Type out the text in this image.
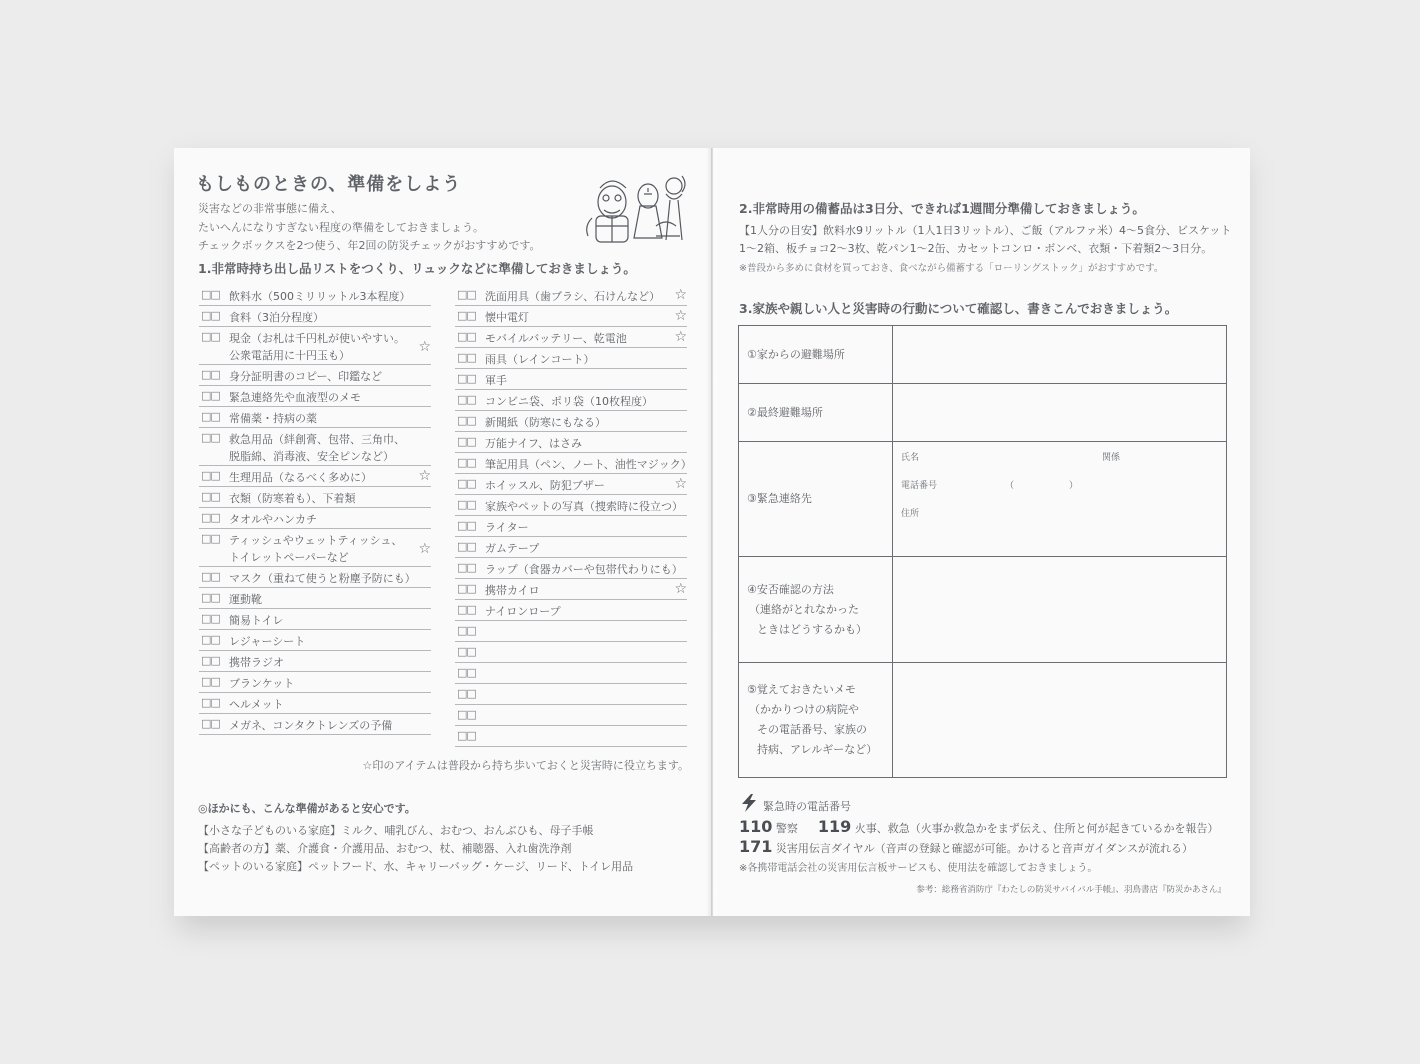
もしものときの、準備をしよう
災害などの非常事態に備え、
たいへんになりすぎない程度の準備をしておきましょう。
チェックボックスを2つ使う、年2回の防災チェックがおすすめです。
1.非常時持ち出し品リストをつくり、リュックなどに準備しておきましょう。
□□ 飲料水（500ミリリットル3本程度）
□□ 食料（3泊分程度）
□□ 現金（お札は千円札が使いやすい。
公衆電話用に十円玉も）
☆
□□ 身分証明書のコピー、印鑑など
□□ 緊急連絡先や血液型のメモ
□□ 常備薬・持病の薬
□□ 救急用品（絆創膏、包帯、三角巾、
脱脂綿、消毒液、安全ピンなど）
□□ 生理用品（なるべく多めに）	☆
□□ 衣類（防寒着も）、下着類
□□ タオルやハンカチ
□□ ティッシュやウェットティッシュ、
トイレットペーパーなど
☆
□□ マスク（重ねて使うと粉塵予防にも）
□□ 運動靴
□□ 簡易トイレ
□□ レジャーシート
□□ 携帯ラジオ
□□ ブランケット
□□ ヘルメット
□□ メガネ、コンタクトレンズの予備
□□ 洗面用具（歯ブラシ、石けんなど） ☆
□□ 懐中電灯	☆
□□ モバイルバッテリー、乾電池	☆
□□ 雨具（レインコート）
□□ 軍手
□□ コンビニ袋、ポリ袋（10枚程度）
□□ 新聞紙（防寒にもなる）
□□ 万能ナイフ、はさみ
□□ 筆記用具（ペン、ノート、油性マジック）
□□ ホイッスル、防犯ブザー	☆
□□ 家族やペットの写真（捜索時に役立つ）
□□ ライター
□□ ガムテープ
□□ ラップ（食器カバーや包帯代わりにも）
□□ 携帯カイロ	☆
□□ ナイロンロープ
□□
□□
□□
□□
□□
□□
☆印のアイテムは普段から持ち歩いておくと災害時に役立ちます。
◎ほかにも、こんな準備があると安心です。
【小さな子どものいる家庭】ミルク、哺乳びん、おむつ、おんぶひも、母子手帳
【高齢者の方】薬、介護食・介護用品、おむつ、杖、補聴器、入れ歯洗浄剤
【ペットのいる家庭】ペットフード、水、キャリーバッグ・ケージ、リード、トイレ用品
2.非常時用の備蓄品は3日分、できれば1週間分準備しておきましょう。
【1人分の目安】飲料水9リットル（1人1日3リットル）、ご飯（アルファ米）4〜5食分、ビスケット
1〜2箱、板チョコ2〜3枚、乾パン1〜2缶、カセットコンロ・ボンベ、衣類・下着類2〜3日分。
※普段から多めに食材を買っておき、食べながら備蓄する「ローリングストック」がおすすめです。
3.家族や親しい人と災害時の行動について確認し、書きこんでおきましょう。
①家からの避難場所
②最終避難場所
③緊急連絡先
氏名	関係
電話番号	（	）
住所
④安否確認の方法
（連絡がとれなかった
ときはどうするかも）
⑤覚えておきたいメモ
（かかりつけの病院や
その電話番号、家族の
持病、アレルギーなど）
緊急時の電話番号
110 警察 119 火事、救急（火事か救急かをまず伝え、住所と何が起きているかを報告）
171 災害用伝言ダイヤル（音声の登録と確認が可能。かけると音声ガイダンスが流れる）
※各携帯電話会社の災害用伝言板サービスも、使用法を確認しておきましょう。
参考：総務省消防庁『わたしの防災サバイバル手帳』、羽鳥書店『防災かあさん』
